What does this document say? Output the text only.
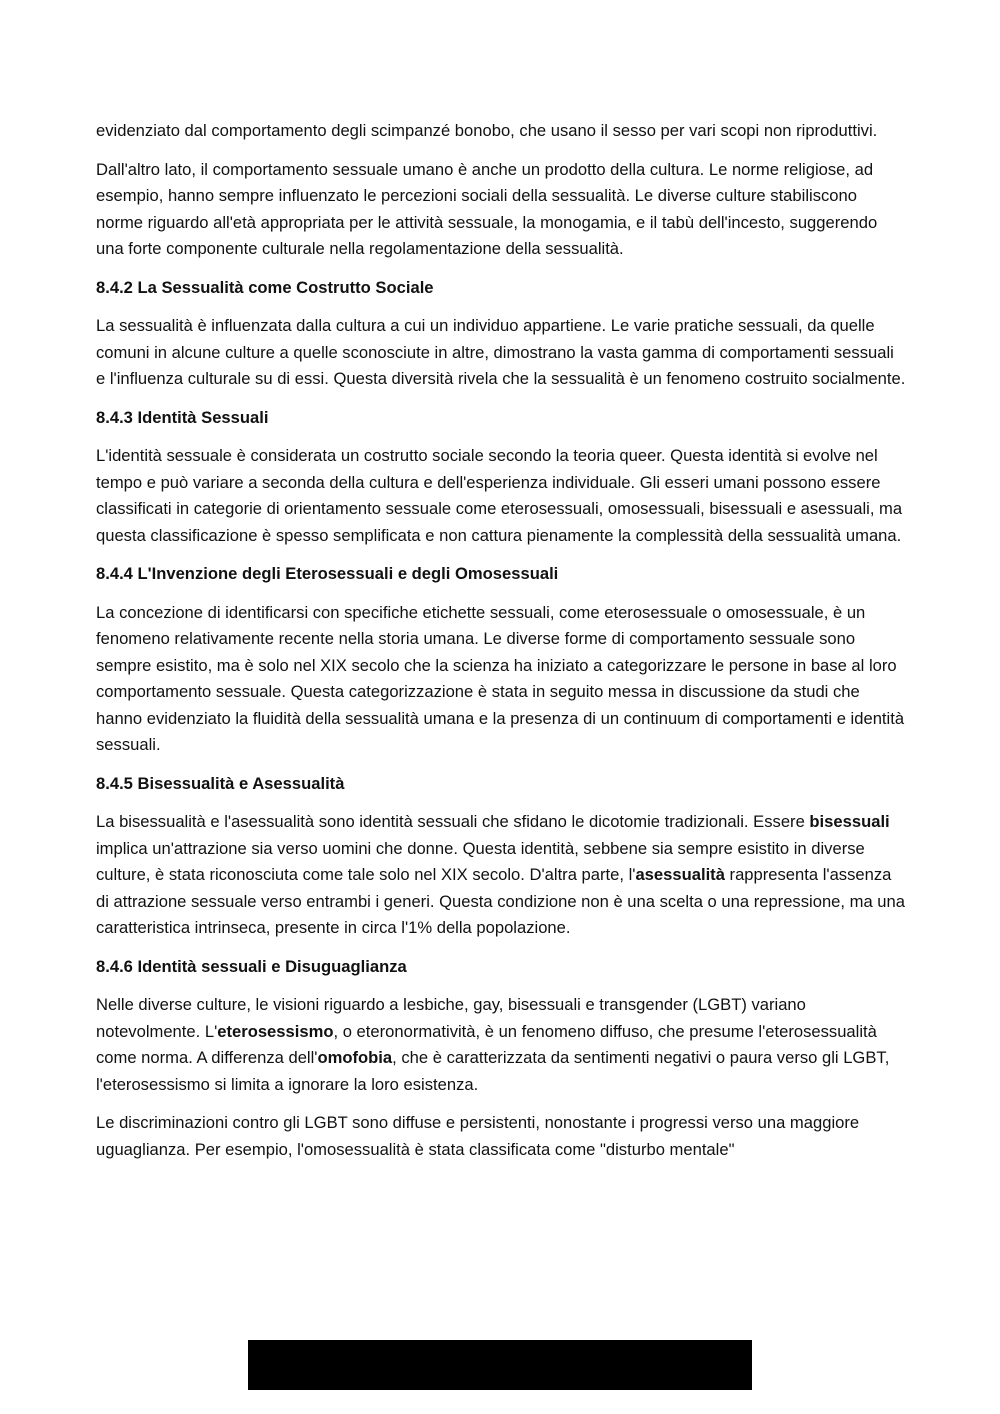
evidenziato dal comportamento degli scimpanzé bonobo, che usano il sesso per vari scopi non riproduttivi.

Dall'altro lato, il comportamento sessuale umano è anche un prodotto della cultura. Le norme religiose, ad esempio, hanno sempre influenzato le percezioni sociali della sessualità. Le diverse culture stabiliscono norme riguardo all'età appropriata per le attività sessuale, la monogamia, e il tabù dell'incesto, suggerendo una forte componente culturale nella regolamentazione della sessualità.

8.4.2 La Sessualità come Costrutto Sociale

La sessualità è influenzata dalla cultura a cui un individuo appartiene. Le varie pratiche sessuali, da quelle comuni in alcune culture a quelle sconosciute in altre, dimostrano la vasta gamma di comportamenti sessuali e l'influenza culturale su di essi. Questa diversità rivela che la sessualità è un fenomeno costruito socialmente.

8.4.3 Identità Sessuali

L'identità sessuale è considerata un costrutto sociale secondo la teoria queer. Questa identità si evolve nel tempo e può variare a seconda della cultura e dell'esperienza individuale. Gli esseri umani possono essere classificati in categorie di orientamento sessuale come eterosessuali, omosessuali, bisessuali e asessuali, ma questa classificazione è spesso semplificata e non cattura pienamente la complessità della sessualità umana.

8.4.4 L'Invenzione degli Eterosessuali e degli Omosessuali

La concezione di identificarsi con specifiche etichette sessuali, come eterosessuale o omosessuale, è un fenomeno relativamente recente nella storia umana. Le diverse forme di comportamento sessuale sono sempre esistito, ma è solo nel XIX secolo che la scienza ha iniziato a categorizzare le persone in base al loro comportamento sessuale. Questa categorizzazione è stata in seguito messa in discussione da studi che hanno evidenziato la fluidità della sessualità umana e la presenza di un continuum di comportamenti e identità sessuali.

8.4.5 Bisessualità e Asessualità

La bisessualità e l'asessualità sono identità sessuali che sfidano le dicotomie tradizionali. Essere bisessuali implica un'attrazione sia verso uomini che donne. Questa identità, sebbene sia sempre esistito in diverse culture, è stata riconosciuta come tale solo nel XIX secolo. D'altra parte, l'asessualità rappresenta l'assenza di attrazione sessuale verso entrambi i generi. Questa condizione non è una scelta o una repressione, ma una caratteristica intrinseca, presente in circa l'1% della popolazione.

8.4.6 Identità sessuali e Disuguaglianza

Nelle diverse culture, le visioni riguardo a lesbiche, gay, bisessuali e transgender (LGBT) variano notevolmente. L'eterosessismo, o eteronormatività, è un fenomeno diffuso, che presume l'eterosessualità come norma. A differenza dell'omofobia, che è caratterizzata da sentimenti negativi o paura verso gli LGBT, l'eterosessismo si limita a ignorare la loro esistenza.

Le discriminazioni contro gli LGBT sono diffuse e persistenti, nonostante i progressi verso una maggiore uguaglianza. Per esempio, l'omosessualità è stata classificata come "disturbo mentale"
